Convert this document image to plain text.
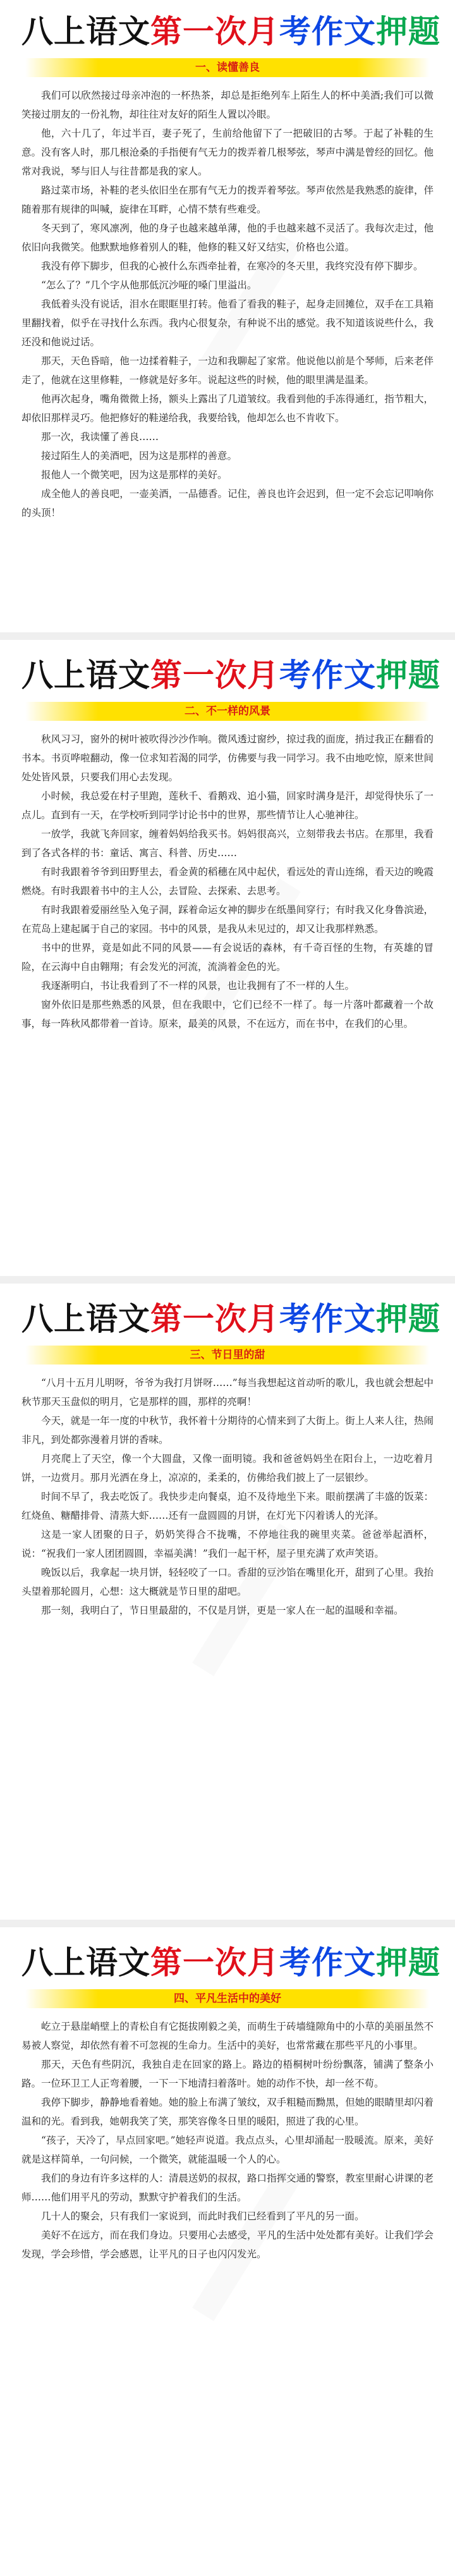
八上语文第一次月考作文押题
一、读懂善良

我们可以欣然接过母亲冲泡的一杯热茶，却总是拒绝列车上陌生人的杯中美酒;我们可以微笑接过朋友的一份礼物，却往往对友好的陌生人置以冷眼。

他，六十几了，年过半百，妻子死了，生前给他留下了一把破旧的古琴。于起了补鞋的生意。没有客人时，那几根沧桑的手指便有气无力的拨弄着几根琴弦，琴声中满是曾经的回忆。他常对我说，琴与旧人与往昔都是我的家人。

路过菜市场，补鞋的老头依旧坐在那有气无力的拨弄着琴弦。琴声依然是我熟悉的旋律，伴随着那有规律的叫喊，旋律在耳畔，心情不禁有些难受。

冬天到了，寒风凛冽，他的身子也越来越单薄，他的手也越来越不灵活了。我每次走过，他依旧向我微笑。他默默地修着别人的鞋，他修的鞋又好又结实，价格也公道。

我没有停下脚步，但我的心被什么东西牵扯着，在寒冷的冬天里，我终究没有停下脚步。

“怎么了？”几个字从他那低沉沙哑的嗓门里溢出。

我低着头没有说话，泪水在眼眶里打转。他看了看我的鞋子，起身走回摊位，双手在工具箱里翻找着，似乎在寻找什么东西。我内心很复杂，有种说不出的感觉。我不知道该说些什么，我还没和他说过话。

那天，天色昏暗，他一边揉着鞋子，一边和我聊起了家常。他说他以前是个琴师，后来老伴走了，他就在这里修鞋，一修就是好多年。说起这些的时候，他的眼里满是温柔。

他再次起身，嘴角微微上扬，额头上露出了几道皱纹。我看到他的手冻得通红，指节粗大，却依旧那样灵巧。他把修好的鞋递给我，我要给钱，他却怎么也不肯收下。

那一次，我读懂了善良……

接过陌生人的美酒吧，因为这是那样的善意。

报他人一个微笑吧，因为这是那样的美好。

成全他人的善良吧，一壶美酒，一品德香。记住，善良也许会迟到，但一定不会忘记叩响你的头顶！

八上语文第一次月考作文押题
二、不一样的风景

秋风习习，窗外的树叶被吹得沙沙作响。微风透过窗纱，掠过我的面庞，捎过我正在翻看的书本。书页哗啦翻动，像一位求知若渴的同学，仿佛要与我一同学习。我不由地吃惊，原来世间处处皆风景，只要我们用心去发现。

小时候，我总爱在村子里跑，莲秋千、看鹅戏、追小猫，回家时满身是汗，却觉得快乐了一点儿。直到有一天，在学校听到同学讨论书中的世界，那些情节让人心驰神往。

一放学，我就飞奔回家，缠着妈妈给我买书。妈妈很高兴，立刻带我去书店。在那里，我看到了各式各样的书：童话、寓言、科普、历史……

有时我跟着爷爷到田野里去，看金黄的稻穗在风中起伏，看远处的青山连绵，看天边的晚霞燃烧。有时我跟着书中的主人公，去冒险、去探索、去思考。

有时我跟着爱丽丝坠入兔子洞，踩着命运女神的脚步在纸墨间穿行；有时我又化身鲁滨逊，在荒岛上建起属于自己的家园。书中的风景，是我从未见过的，却又让我那样熟悉。

书中的世界，竟是如此不同的风景——有会说话的森林，有千奇百怪的生物，有英雄的冒险，在云海中自由翱翔；有会发光的河流，流淌着金色的光。

我逐渐明白，书让我看到了不一样的风景，也让我拥有了不一样的人生。

窗外依旧是那些熟悉的风景，但在我眼中，它们已经不一样了。每一片落叶都藏着一个故事，每一阵秋风都带着一首诗。原来，最美的风景，不在远方，而在书中，在我们的心里。

八上语文第一次月考作文押题
三、节日里的甜

“八月十五月儿明呀，爷爷为我打月饼呀……”每当我想起这首动听的歌儿，我也就会想起中秋节那天玉盘似的明月，它是那样的圆，那样的亮啊！

今天，就是一年一度的中秋节，我怀着十分期待的心情来到了大街上。街上人来人往，热闹非凡，到处都弥漫着月饼的香味。

月亮爬上了天空，像一个大圆盘，又像一面明镜。我和爸爸妈妈坐在阳台上，一边吃着月饼，一边赏月。那月光洒在身上，凉凉的，柔柔的，仿佛给我们披上了一层银纱。

时间不早了，我去吃饭了。我快步走向餐桌，迫不及待地坐下来。眼前摆满了丰盛的饭菜：红烧鱼、糖醋排骨、清蒸大虾……还有一盘圆圆的月饼，在灯光下闪着诱人的光泽。

这是一家人团聚的日子，奶奶笑得合不拢嘴，不停地往我的碗里夹菜。爸爸举起酒杯，说：“祝我们一家人团团圆圆，幸福美满！”我们一起干杯，屋子里充满了欢声笑语。

晚饭以后，我拿起一块月饼，轻轻咬了一口。香甜的豆沙馅在嘴里化开，甜到了心里。我抬头望着那轮圆月，心想：这大概就是节日里的甜吧。

那一刻，我明白了，节日里最甜的，不仅是月饼，更是一家人在一起的温暖和幸福。

八上语文第一次月考作文押题
四、平凡生活中的美好

屹立于悬崖峭壁上的青松自有它挺拔刚毅之美，而萌生于砖墙缝隙角中的小草的美丽虽然不易被人察觉，却依然有着不可忽视的生命力。生活中的美好，也常常藏在那些平凡的小事里。

那天，天色有些阴沉，我独自走在回家的路上。路边的梧桐树叶纷纷飘落，铺满了整条小路。一位环卫工人正弯着腰，一下一下地清扫着落叶。她的动作不快，却一丝不苟。

我停下脚步，静静地看着她。她的脸上布满了皱纹，双手粗糙而黝黑，但她的眼睛里却闪着温和的光。看到我，她朝我笑了笑，那笑容像冬日里的暖阳，照进了我的心里。

“孩子，天冷了，早点回家吧。”她轻声说道。我点点头，心里却涌起一股暖流。原来，美好就是这样简单，一句问候，一个微笑，就能温暖一个人的心。

我们的身边有许多这样的人：清晨送奶的叔叔，路口指挥交通的警察，教室里耐心讲课的老师……他们用平凡的劳动，默默守护着我们的生活。

几十人的聚会，只有我们一家说到，而此时我们已经看到了平凡的另一面。

美好不在远方，而在我们身边。只要用心去感受，平凡的生活中处处都有美好。让我们学会发现，学会珍惜，学会感恩，让平凡的日子也闪闪发光。
